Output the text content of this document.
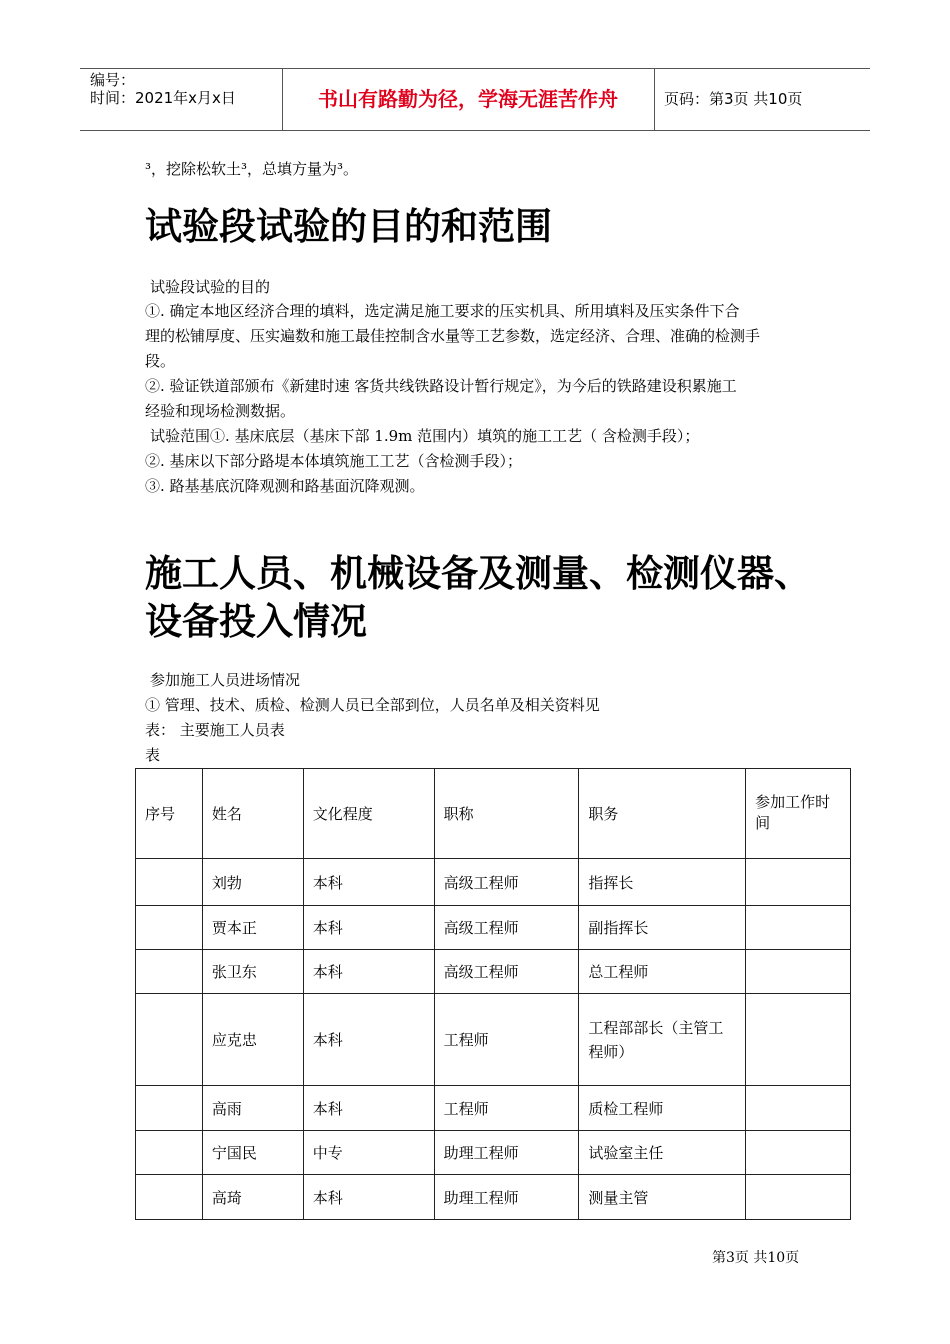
编号：
时间：2021年x月x日	书山有路勤为径，学海无涯苦作舟	页码：第3页 共10页
³，挖除松软土³，总填方量为³。
试验段试验的目的和范围
试验段试验的目的
①. 确定本地区经济合理的填料，选定满足施工要求的压实机具、所用填料及压实条件下合
理的松铺厚度、压实遍数和施工最佳控制含水量等工艺参数，选定经济、合理、准确的检测手
段。
②. 验证铁道部颁布《新建时速 客货共线铁路设计暂行规定》，为今后的铁路建设积累施工
经验和现场检测数据。
试验范围①. 基床底层（基床下部 1.9m 范围内）填筑的施工工艺（ 含检测手段）；
②. 基床以下部分路堤本体填筑施工工艺（含检测手段）；
③. 路基基底沉降观测和路基面沉降观测。
施工人员、机械设备及测量、检测仪器、
设备投入情况
参加施工人员进场情况
① 管理、技术、质检、检测人员已全部到位，人员名单及相关资料见
表： 主要施工人员表
表
序号	姓名	文化程度	职称	职务	参加工作时间
	刘勃	本科	高级工程师	指挥长	
	贾本正	本科	高级工程师	副指挥长	
	张卫东	本科	高级工程师	总工程师	
	应克忠	本科	工程师	工程部部长（主管工程师）	
	高雨	本科	工程师	质检工程师	
	宁国民	中专	助理工程师	试验室主任	
	高琦	本科	助理工程师	测量主管	
第3页 共10页
